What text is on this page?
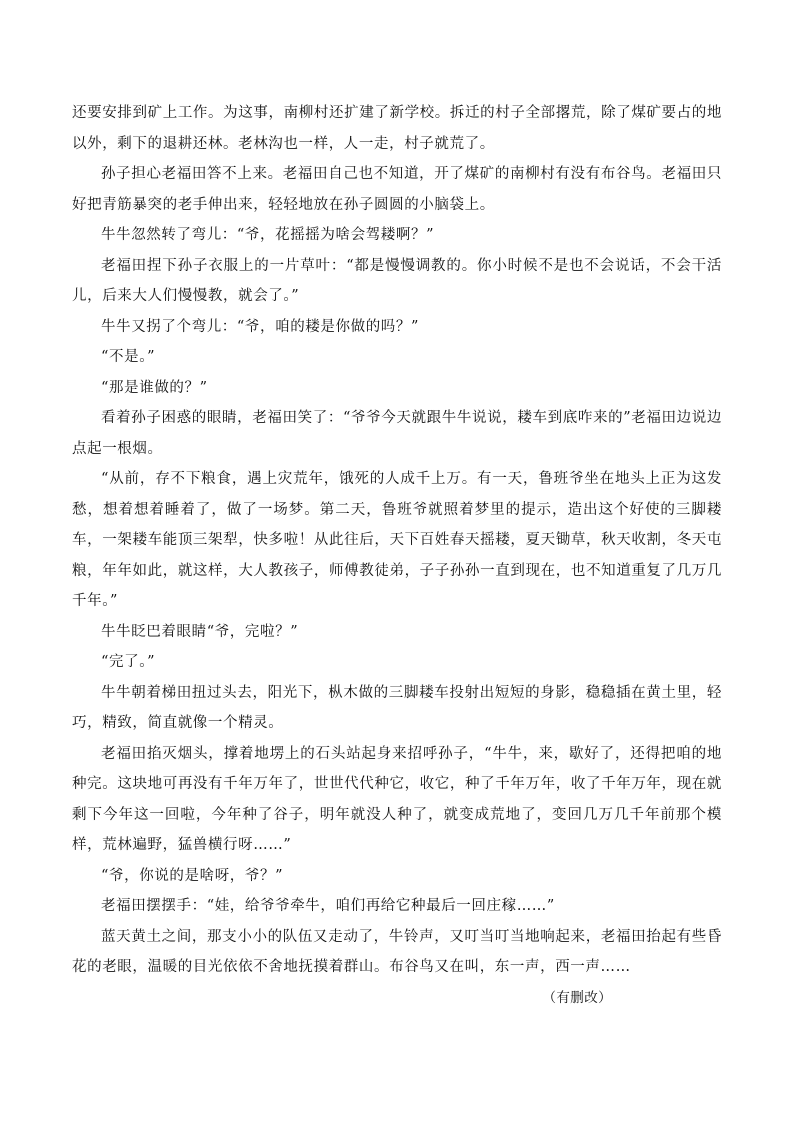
还要安排到矿上工作。为这事，南柳村还扩建了新学校。拆迁的村子全部撂荒，除了煤矿要占的地以外，剩下的退耕还林。老林沟也一样，人一走，村子就荒了。

孙子担心老福田答不上来。老福田自己也不知道，开了煤矿的南柳村有没有布谷鸟。老福田只好把青筋暴突的老手伸出来，轻轻地放在孙子圆圆的小脑袋上。

牛牛忽然转了弯儿：“爷，花摇摇为啥会驾耧啊？”

老福田捏下孙子衣服上的一片草叶：“都是慢慢调教的。你小时候不是也不会说话，不会干活儿，后来大人们慢慢教，就会了。”

牛牛又拐了个弯儿：“爷，咱的耧是你做的吗？”

“不是。”

“那是谁做的？”

看着孙子困惑的眼睛，老福田笑了：“爷爷今天就跟牛牛说说，耧车到底咋来的”老福田边说边点起一根烟。

“从前，存不下粮食，遇上灾荒年，饿死的人成千上万。有一天，鲁班爷坐在地头上正为这发愁，想着想着睡着了，做了一场梦。第二天，鲁班爷就照着梦里的提示，造出这个好使的三脚耧车，一架耧车能顶三架犁，快多啦！从此往后，天下百姓春天摇耧，夏天锄草，秋天收割，冬天屯粮，年年如此，就这样，大人教孩子，师傅教徒弟，子子孙孙一直到现在，也不知道重复了几万几千年。”

牛牛眨巴着眼睛“爷，完啦？”

“完了。”

牛牛朝着梯田扭过头去，阳光下，枞木做的三脚耧车投射出短短的身影，稳稳插在黄土里，轻巧，精致，简直就像一个精灵。

老福田掐灭烟头，撑着地塄上的石头站起身来招呼孙子，“牛牛，来，歇好了，还得把咱的地种完。这块地可再没有千年万年了，世世代代种它，收它，种了千年万年，收了千年万年，现在就剩下今年这一回啦，今年种了谷子，明年就没人种了，就变成荒地了，变回几万几千年前那个模样，荒林遍野，猛兽横行呀……”

“爷，你说的是啥呀，爷？”

老福田摆摆手：“娃，给爷爷牵牛，咱们再给它种最后一回庄稼……”

蓝天黄土之间，那支小小的队伍又走动了，牛铃声，又叮当叮当地响起来，老福田抬起有些昏花的老眼，温暖的目光依依不舍地抚摸着群山。布谷鸟又在叫，东一声，西一声……

（有删改）
